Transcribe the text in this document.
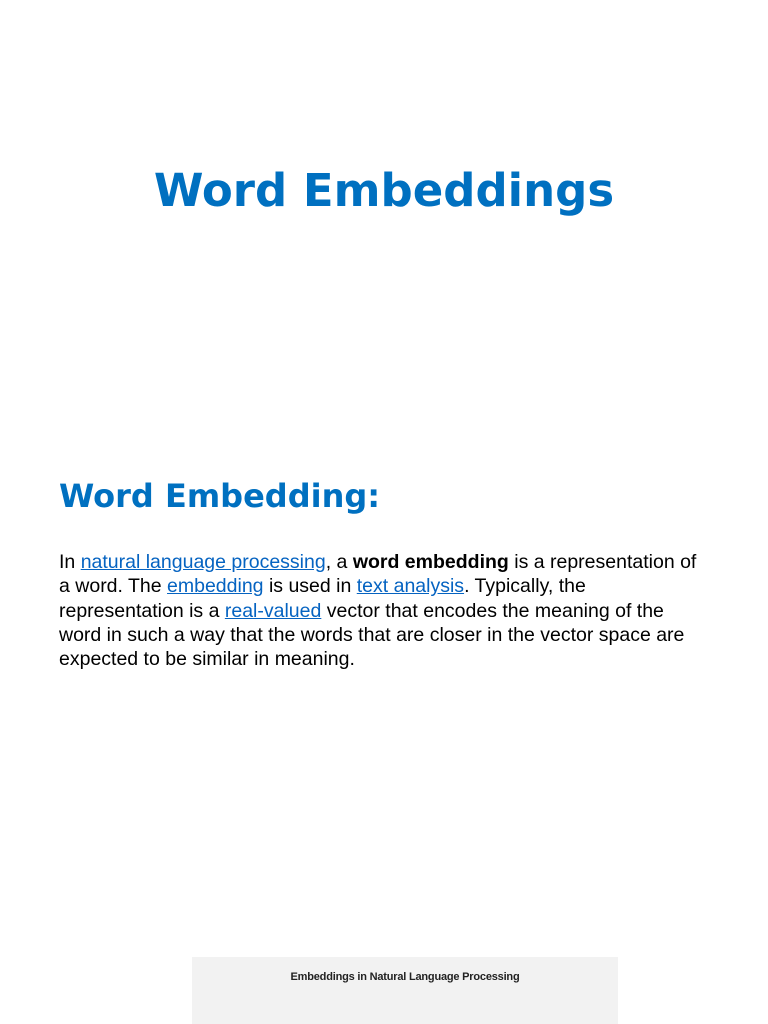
Word Embeddings
Word Embedding:

In natural language processing, a word embedding is a representation of a word. The embedding is used in text analysis. Typically, the representation is a real-valued vector that encodes the meaning of the word in such a way that the words that are closer in the vector space are expected to be similar in meaning.

Embeddings in Natural Language Processing
